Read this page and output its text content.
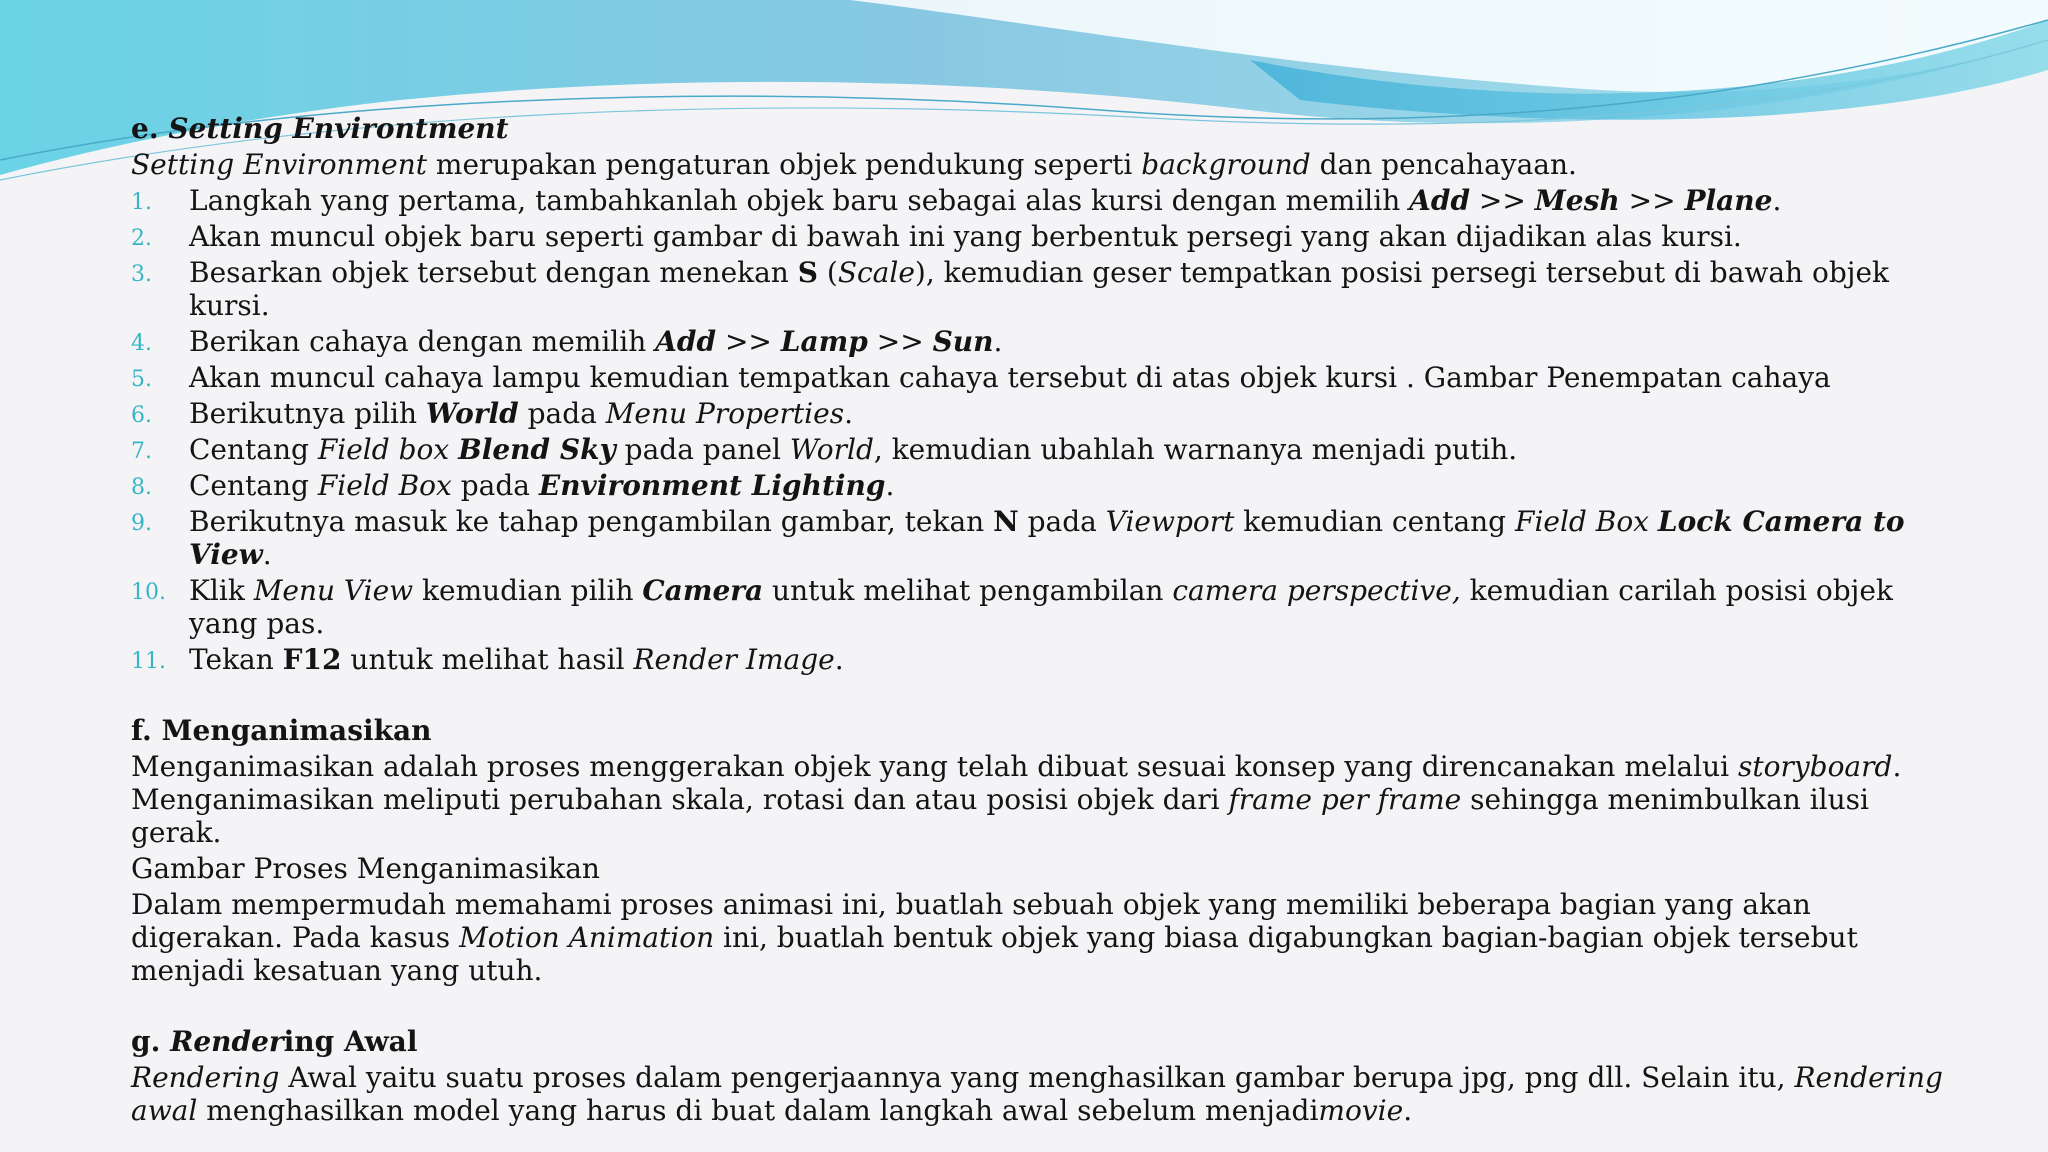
e. Setting Environtment

Setting Environment merupakan pengaturan objek pendukung seperti background dan pencahayaan.

1. Langkah yang pertama, tambahkanlah objek baru sebagai alas kursi dengan memilih Add >> Mesh >> Plane.
2. Akan muncul objek baru seperti gambar di bawah ini yang berbentuk persegi yang akan dijadikan alas kursi.
3. Besarkan objek tersebut dengan menekan S (Scale), kemudian geser tempatkan posisi persegi tersebut di bawah objek kursi.
4. Berikan cahaya dengan memilih Add >> Lamp >> Sun.
5. Akan muncul cahaya lampu kemudian tempatkan cahaya tersebut di atas objek kursi . Gambar Penempatan cahaya
6. Berikutnya pilih World pada Menu Properties.
7. Centang Field box Blend Sky pada panel World, kemudian ubahlah warnanya menjadi putih.
8. Centang Field Box pada Environment Lighting.
9. Berikutnya masuk ke tahap pengambilan gambar, tekan N pada Viewport kemudian centang Field Box Lock Camera to View.
10. Klik Menu View kemudian pilih Camera untuk melihat pengambilan camera perspective, kemudian carilah posisi objek yang pas.
11. Tekan F12 untuk melihat hasil Render Image.

f. Menganimasikan

Menganimasikan adalah proses menggerakan objek yang telah dibuat sesuai konsep yang direncanakan melalui storyboard. Menganimasikan meliputi perubahan skala, rotasi dan atau posisi objek dari frame per frame sehingga menimbulkan ilusi gerak.

Gambar Proses Menganimasikan

Dalam mempermudah memahami proses animasi ini, buatlah sebuah objek yang memiliki beberapa bagian yang akan digerakan. Pada kasus Motion Animation ini, buatlah bentuk objek yang biasa digabungkan bagian-bagian objek tersebut menjadi kesatuan yang utuh.

g. Rendering Awal

Rendering Awal yaitu suatu proses dalam pengerjaannya yang menghasilkan gambar berupa jpg, png dll. Selain itu, Rendering awal menghasilkan model yang harus di buat dalam langkah awal sebelum menjadimovie.
